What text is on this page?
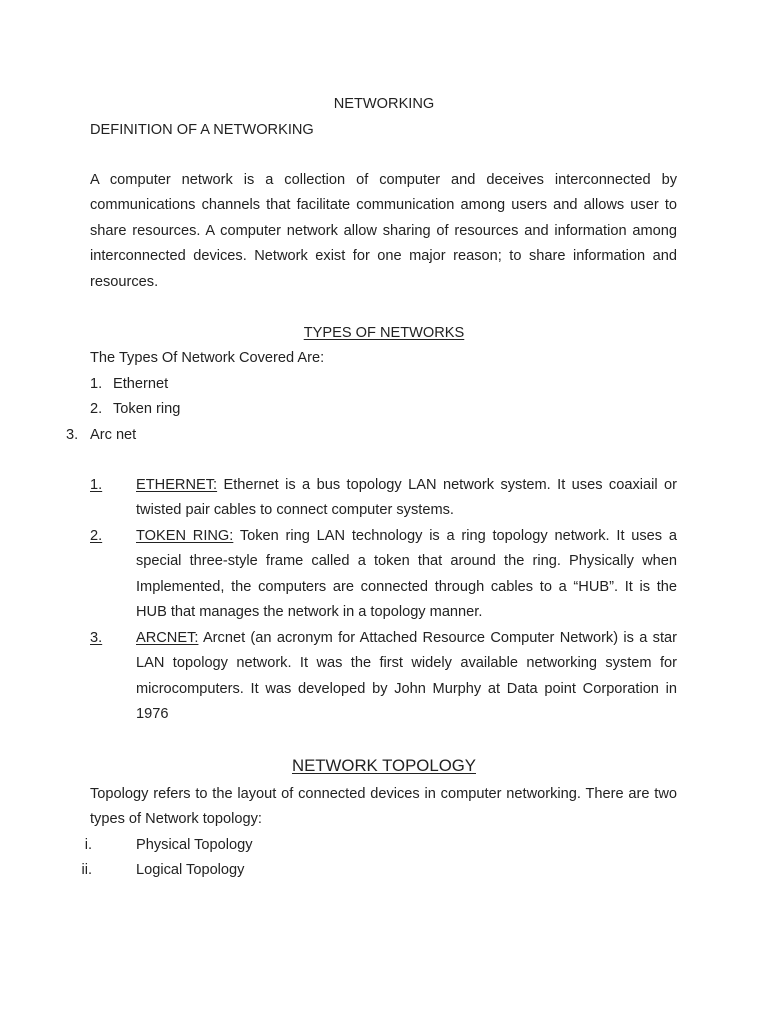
NETWORKING
DEFINITION OF A NETWORKING
A computer network is a collection of computer and deceives interconnected by communications channels that facilitate communication among users and allows user to share resources. A computer network allow sharing of resources and information among interconnected devices. Network exist for one major reason; to share information and resources.
TYPES OF NETWORKS
The Types Of Network Covered Are:
1. Ethernet
2. Token ring
3. Arc net
1. ETHERNET: Ethernet is a bus topology LAN network system. It uses coaxiail or twisted pair cables to connect computer systems.
2. TOKEN RING: Token ring LAN technology is a ring topology network. It uses a special three-style frame called a token that around the ring. Physically when Implemented, the computers are connected through cables to a “HUB”. It is the HUB that manages the network in a topology manner.
3. ARCNET: Arcnet (an acronym for Attached Resource Computer Network) is a star LAN topology network. It was the first widely available networking system for microcomputers. It was developed by John Murphy at Data point Corporation in 1976
NETWORK TOPOLOGY
Topology refers to the layout of connected devices in computer networking. There are two types of Network topology:
i.	Physical Topology
ii.	Logical Topology
